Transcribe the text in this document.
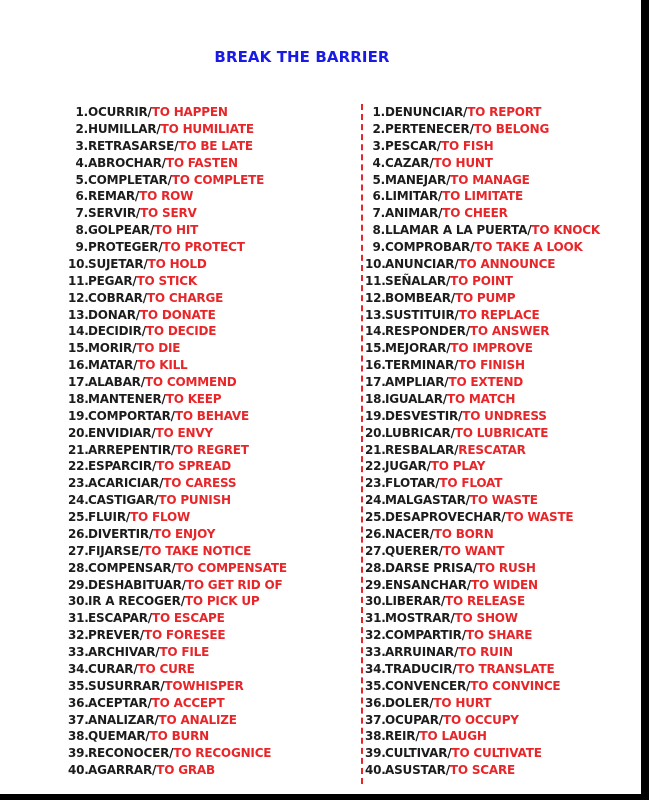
BREAK THE BARRIER
1.OCURRIR/TO HAPPEN
2.HUMILLAR/TO HUMILIATE
3.RETRASARSE/TO BE LATE
4.ABROCHAR/TO FASTEN
5.COMPLETAR/TO COMPLETE
6.REMAR/TO ROW
7.SERVIR/TO SERV
8.GOLPEAR/TO HIT
9.PROTEGER/TO PROTECT
10.SUJETAR/TO HOLD
11.PEGAR/TO STICK
12.COBRAR/TO CHARGE
13.DONAR/TO DONATE
14.DECIDIR/TO DECIDE
15.MORIR/TO DIE
16.MATAR/TO KILL
17.ALABAR/TO COMMEND
18.MANTENER/TO KEEP
19.COMPORTAR/TO BEHAVE
20.ENVIDIAR/TO ENVY
21.ARREPENTIR/TO REGRET
22.ESPARCIR/TO SPREAD
23.ACARICIAR/TO CARESS
24.CASTIGAR/TO PUNISH
25.FLUIR/TO FLOW
26.DIVERTIR/TO ENJOY
27.FIJARSE/TO TAKE NOTICE
28.COMPENSAR/TO COMPENSATE
29.DESHABITUAR/TO GET RID OF
30.IR A RECOGER/TO PICK UP
31.ESCAPAR/TO ESCAPE
32.PREVER/TO FORESEE
33.ARCHIVAR/TO FILE
34.CURAR/TO CURE
35.SUSURRAR/TOWHISPER
36.ACEPTAR/TO ACCEPT
37.ANALIZAR/TO ANALIZE
38.QUEMAR/TO BURN
39.RECONOCER/TO RECOGNICE
40.AGARRAR/TO GRAB
1.DENUNCIAR/TO REPORT
2.PERTENECER/TO BELONG
3.PESCAR/TO FISH
4.CAZAR/TO HUNT
5.MANEJAR/TO MANAGE
6.LIMITAR/TO LIMITATE
7.ANIMAR/TO CHEER
8.LLAMAR A LA PUERTA/TO KNOCK
9.COMPROBAR/TO TAKE A LOOK
10.ANUNCIAR/TO ANNOUNCE
11.SEÑALAR/TO POINT
12.BOMBEAR/TO PUMP
13.SUSTITUIR/TO REPLACE
14.RESPONDER/TO ANSWER
15.MEJORAR/TO IMPROVE
16.TERMINAR/TO FINISH
17.AMPLIAR/TO EXTEND
18.IGUALAR/TO MATCH
19.DESVESTIR/TO UNDRESS
20.LUBRICAR/TO LUBRICATE
21.RESBALAR/RESCATAR
22.JUGAR/TO PLAY
23.FLOTAR/TO FLOAT
24.MALGASTAR/TO WASTE
25.DESAPROVECHAR/TO WASTE
26.NACER/TO BORN
27.QUERER/TO WANT
28.DARSE PRISA/TO RUSH
29.ENSANCHAR/TO WIDEN
30.LIBERAR/TO RELEASE
31.MOSTRAR/TO SHOW
32.COMPARTIR/TO SHARE
33.ARRUINAR/TO RUIN
34.TRADUCIR/TO TRANSLATE
35.CONVENCER/TO CONVINCE
36.DOLER/TO HURT
37.OCUPAR/TO OCCUPY
38.REIR/TO LAUGH
39.CULTIVAR/TO CULTIVATE
40.ASUSTAR/TO SCARE
